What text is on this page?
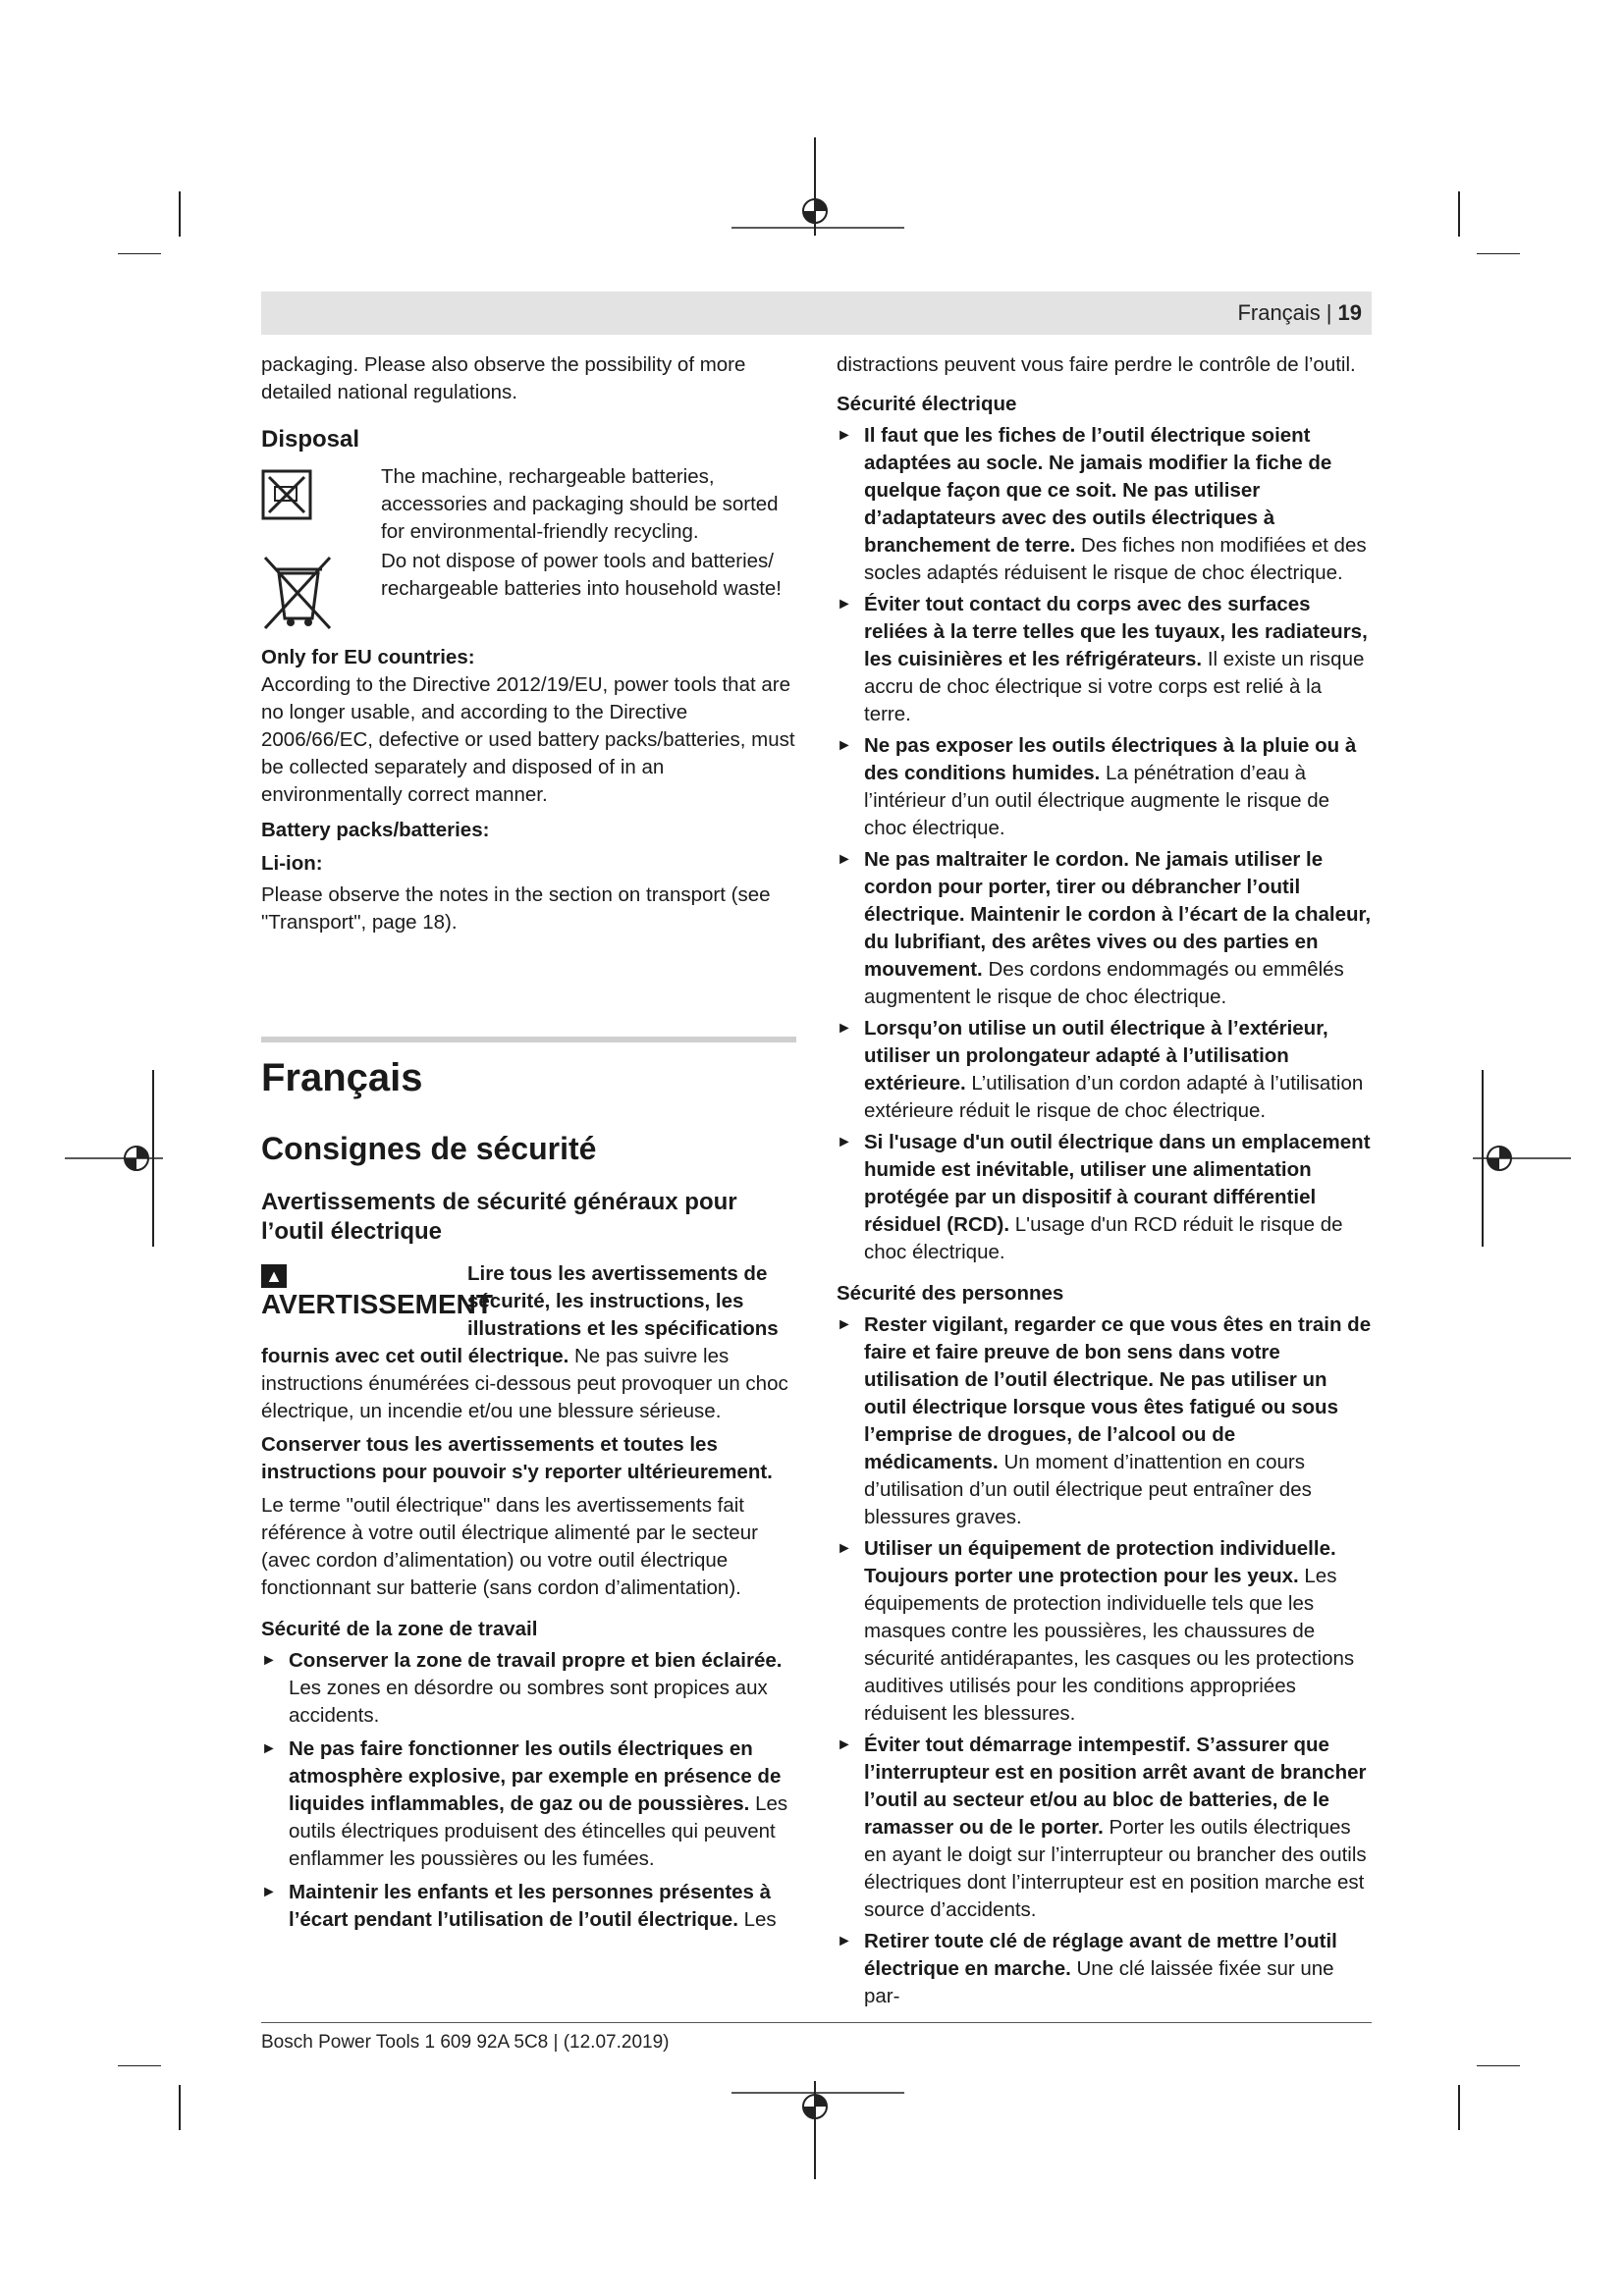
Français | 19

packaging. Please also observe the possibility of more detailed national regulations.

Disposal

The machine, rechargeable batteries, accessories and packaging should be sorted for environmental-friendly recycling.

Do not dispose of power tools and batteries/ rechargeable batteries into household waste!

Only for EU countries:

According to the Directive 2012/19/EU, power tools that are no longer usable, and according to the Directive 2006/66/EC, defective or used battery packs/batteries, must be collected separately and disposed of in an environmentally correct manner.

Battery packs/batteries:

Li-ion:

Please observe the notes in the section on transport (see "Transport", page 18).

Français

Consignes de sécurité

Avertissements de sécurité généraux pour l’outil électrique

▲AVERTISSEMENT

Lire tous les avertissements de sécurité, les instructions, les illustrations et les spécifications fournis avec cet outil électrique. Ne pas suivre les instructions énumérées ci-dessous peut provoquer un choc électrique, un incendie et/ou une blessure sérieuse.

Conserver tous les avertissements et toutes les instructions pour pouvoir s'y reporter ultérieurement.

Le terme "outil électrique" dans les avertissements fait référence à votre outil électrique alimenté par le secteur (avec cordon d’alimentation) ou votre outil électrique fonctionnant sur batterie (sans cordon d’alimentation).

Sécurité de la zone de travail

► Conserver la zone de travail propre et bien éclairée. Les zones en désordre ou sombres sont propices aux accidents.
► Ne pas faire fonctionner les outils électriques en atmosphère explosive, par exemple en présence de liquides inflammables, de gaz ou de poussières. Les outils électriques produisent des étincelles qui peuvent enflammer les poussières ou les fumées.
► Maintenir les enfants et les personnes présentes à l’écart pendant l’utilisation de l’outil électrique. Les

distractions peuvent vous faire perdre le contrôle de l’outil.

Sécurité électrique

► Il faut que les fiches de l’outil électrique soient adaptées au socle. Ne jamais modifier la fiche de quelque façon que ce soit. Ne pas utiliser d’adaptateurs avec des outils électriques à branchement de terre. Des fiches non modifiées et des socles adaptés réduisent le risque de choc électrique.
► Éviter tout contact du corps avec des surfaces reliées à la terre telles que les tuyaux, les radiateurs, les cuisinières et les réfrigérateurs. Il existe un risque accru de choc électrique si votre corps est relié à la terre.
► Ne pas exposer les outils électriques à la pluie ou à des conditions humides. La pénétration d’eau à l’intérieur d’un outil électrique augmente le risque de choc électrique.
► Ne pas maltraiter le cordon. Ne jamais utiliser le cordon pour porter, tirer ou débrancher l’outil électrique. Maintenir le cordon à l’écart de la chaleur, du lubrifiant, des arêtes vives ou des parties en mouvement. Des cordons endommagés ou emmêlés augmentent le risque de choc électrique.
► Lorsqu’on utilise un outil électrique à l’extérieur, utiliser un prolongateur adapté à l’utilisation extérieure. L’utilisation d’un cordon adapté à l’utilisation extérieure réduit le risque de choc électrique.
► Si l'usage d'un outil électrique dans un emplacement humide est inévitable, utiliser une alimentation protégée par un dispositif à courant différentiel résiduel (RCD). L'usage d'un RCD réduit le risque de choc électrique.

Sécurité des personnes

► Rester vigilant, regarder ce que vous êtes en train de faire et faire preuve de bon sens dans votre utilisation de l’outil électrique. Ne pas utiliser un outil électrique lorsque vous êtes fatigué ou sous l’emprise de drogues, de l’alcool ou de médicaments. Un moment d’inattention en cours d’utilisation d’un outil électrique peut entraîner des blessures graves.
► Utiliser un équipement de protection individuelle. Toujours porter une protection pour les yeux. Les équipements de protection individuelle tels que les masques contre les poussières, les chaussures de sécurité antidérapantes, les casques ou les protections auditives utilisés pour les conditions appropriées réduisent les blessures.
► Éviter tout démarrage intempestif. S’assurer que l’interrupteur est en position arrêt avant de brancher l’outil au secteur et/ou au bloc de batteries, de le ramasser ou de le porter. Porter les outils électriques en ayant le doigt sur l’interrupteur ou brancher des outils électriques dont l’interrupteur est en position marche est source d’accidents.
► Retirer toute clé de réglage avant de mettre l’outil électrique en marche. Une clé laissée fixée sur une par-
Bosch Power Tools 1 609 92A 5C8 | (12.07.2019)
